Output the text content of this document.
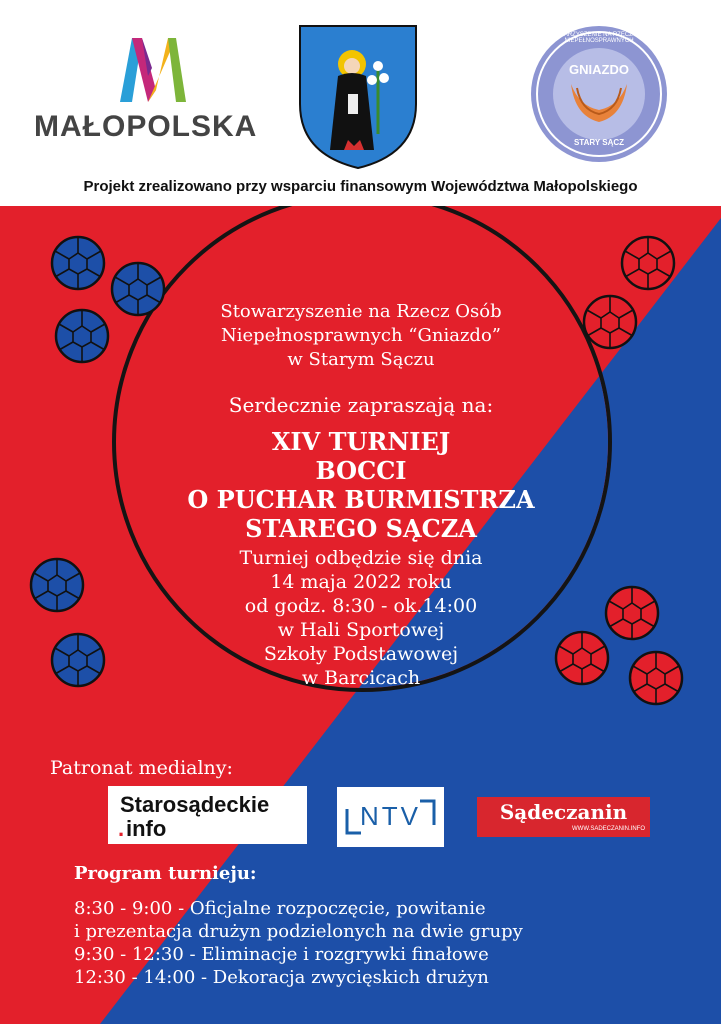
MAŁOPOLSKA
GNIAZDO
STOWARZYSZENIE NA RZECZ OSÓB NIEPEŁNOSPRAWNYCH
STARY SĄCZ
Projekt zrealizowano przy wsparciu finansowym Województwa Małopolskiego
Stowarzyszenie na Rzecz Osób
Niepełnosprawnych “Gniazdo”
w Starym Sączu
Serdecznie zapraszają na:
XIV TURNIEJ
BOCCI
O PUCHAR BURMISTRZA
STAREGO SĄCZA
Turniej odbędzie się dnia
14 maja 2022 roku
od godz. 8:30 - ok.14:00
w Hali Sportowej
Szkoły Podstawowej
w Barcicach
Patronat medialny:
Starosądeckie
. info	NTV	Sądeczanin
WWW.SADECZANIN.INFO
Program turnieju:
8:30 - 9:00 - Oficjalne rozpoczęcie, powitanie
i prezentacja drużyn podzielonych na dwie grupy
9:30 - 12:30 - Eliminacje i rozgrywki finałowe
12:30 - 14:00 - Dekoracja zwycięskich drużyn
